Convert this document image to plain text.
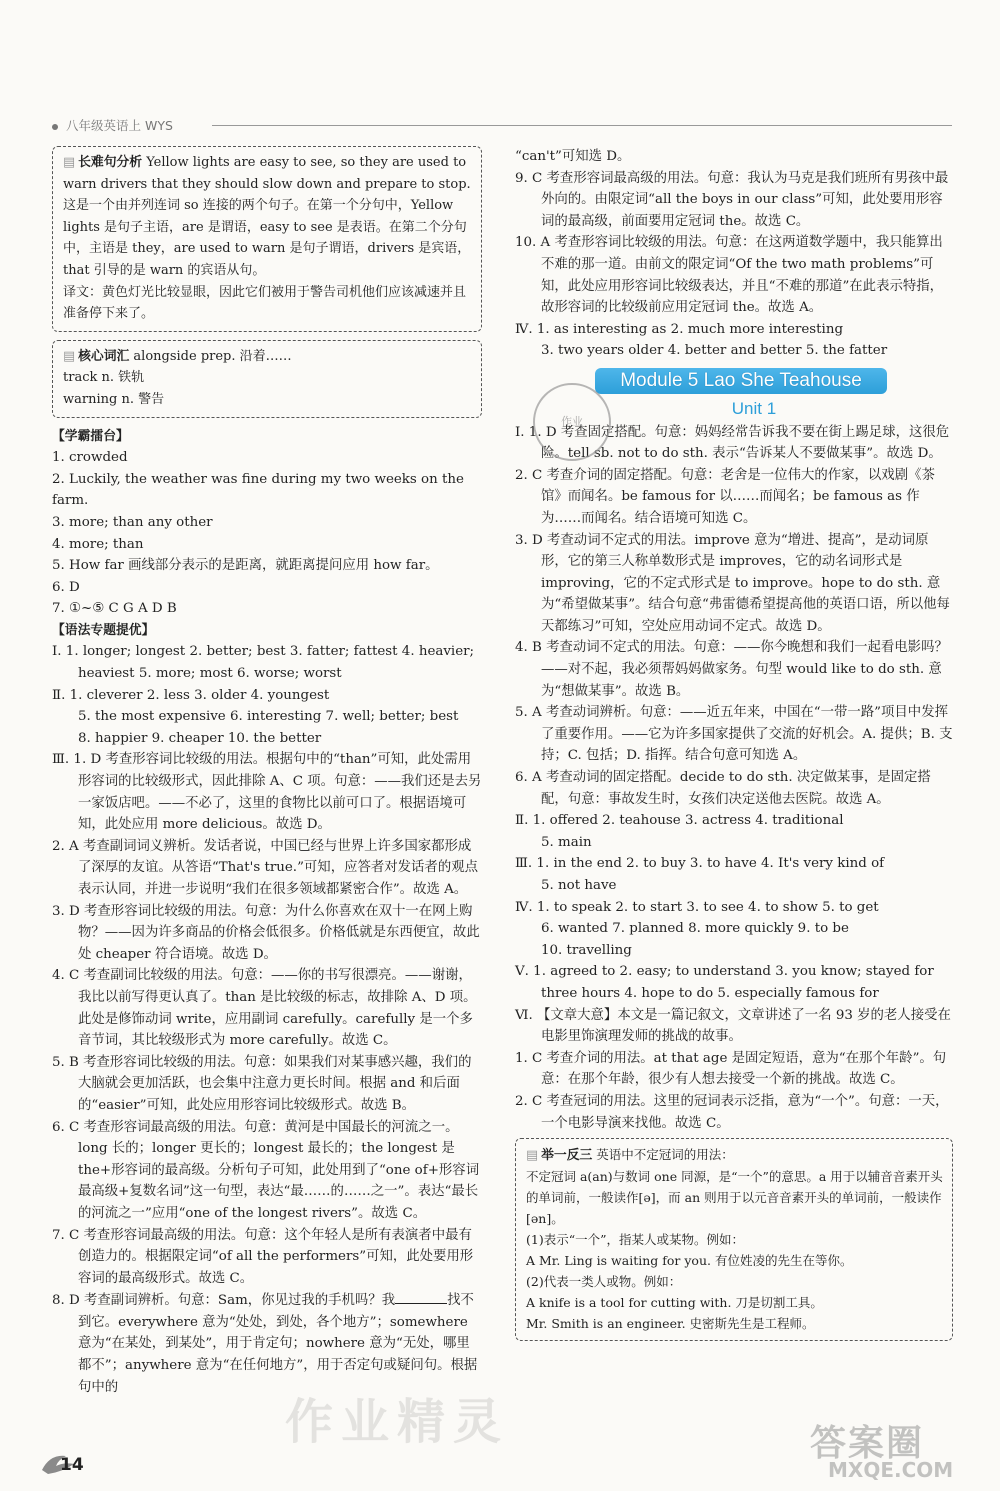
八年级英语上 WYS
▤ 长难句分析 Yellow lights are easy to see, so they are used to warn drivers that they should slow down and prepare to stop.

这是一个由并列连词 so 连接的两个句子。在第一个分句中，Yellow lights 是句子主语，are 是谓语，easy to see 是表语。在第二个分句中，主语是 they，are used to warn 是句子谓语，drivers 是宾语，that 引导的是 warn 的宾语从句。

译文：黄色灯光比较显眼，因此它们被用于警告司机他们应该减速并且准备停下来了。

▤ 核心词汇 alongside prep. 沿着……

track n. 铁轨

warning n. 警告

【学霸擂台】

1. crowded

2. Luckily, the weather was fine during my two weeks on the farm.

3. more; than any other

4. more; than

5. How far 画线部分表示的是距离，就距离提问应用 how far。

6. D

7. ①~⑤ C G A D B

【语法专题提优】

Ⅰ. 1. longer; longest 2. better; best 3. fatter; fattest 4. heavier; heaviest 5. more; most 6. worse; worst

Ⅱ. 1. cleverer 2. less 3. older 4. youngest

5. the most expensive 6. interesting 7. well; better; best

8. happier 9. cheaper 10. the better

Ⅲ. 1. D 考查形容词比较级的用法。根据句中的“than”可知，此处需用形容词的比较级形式，因此排除 A、C 项。句意：——我们还是去另一家饭店吧。——不必了，这里的食物比以前可口了。根据语境可知，此处应用 more delicious。故选 D。

2. A 考查副词词义辨析。发话者说，中国已经与世界上许多国家都形成了深厚的友谊。从答语“That's true.”可知，应答者对发话者的观点表示认同，并进一步说明“我们在很多领域都紧密合作”。故选 A。

3. D 考查形容词比较级的用法。句意：为什么你喜欢在双十一在网上购物？——因为许多商品的价格会低很多。价格低就是东西便宜，故此处 cheaper 符合语境。故选 D。

4. C 考查副词比较级的用法。句意：——你的书写很漂亮。——谢谢，我比以前写得更认真了。than 是比较级的标志，故排除 A、D 项。此处是修饰动词 write，应用副词 carefully。carefully 是一个多音节词，其比较级形式为 more carefully。故选 C。

5. B 考查形容词比较级的用法。句意：如果我们对某事感兴趣，我们的大脑就会更加活跃，也会集中注意力更长时间。根据 and 和后面的“easier”可知，此处应用形容词比较级形式。故选 B。

6. C 考查形容词最高级的用法。句意：黄河是中国最长的河流之一。long 长的；longer 更长的；longest 最长的；the longest 是 the+形容词的最高级。分析句子可知，此处用到了“one of+形容词最高级+复数名词”这一句型，表达“最……的……之一”。表达“最长的河流之一”应用“one of the longest rivers”。故选 C。

7. C 考查形容词最高级的用法。句意：这个年轻人是所有表演者中最有创造力的。根据限定词“of all the performers”可知，此处要用形容词的最高级形式。故选 C。

8. D 考查副词辨析。句意：Sam，你见过我的手机吗？我	找不到它。everywhere 意为“处处，到处，各个地方”；somewhere 意为“在某处，到某处”，用于肯定句；nowhere 意为“无处，哪里都不”；anywhere 意为“在任何地方”，用于否定句或疑问句。根据句中的

“can't”可知选 D。

9. C 考查形容词最高级的用法。句意：我认为马克是我们班所有男孩中最外向的。由限定词“all the boys in our class”可知，此处要用形容词的最高级，前面要用定冠词 the。故选 C。

10. A 考查形容词比较级的用法。句意：在这两道数学题中，我只能算出不难的那一道。由前文的限定词“Of the two math problems”可知，此处应用形容词比较级表达，并且“不难的那道”在此表示特指，故形容词的比较级前应用定冠词 the。故选 A。

Ⅳ. 1. as interesting as 2. much more interesting

3. two years older 4. better and better 5. the fatter

Module 5 Lao She Teahouse
Unit 1

Ⅰ. 1. D 考查固定搭配。句意：妈妈经常告诉我不要在街上踢足球，这很危险。tell sb. not to do sth. 表示“告诉某人不要做某事”。故选 D。

2. C 考查介词的固定搭配。句意：老舍是一位伟大的作家，以戏剧《茶馆》而闻名。be famous for 以……而闻名；be famous as 作为……而闻名。结合语境可知选 C。

3. D 考查动词不定式的用法。improve 意为“增进、提高”，是动词原形，它的第三人称单数形式是 improves，它的动名词形式是 improving，它的不定式形式是 to improve。hope to do sth. 意为“希望做某事”。结合句意“弗雷德希望提高他的英语口语，所以他每天都练习”可知，空处应用动词不定式。故选 D。

4. B 考查动词不定式的用法。句意：——你今晚想和我们一起看电影吗？——对不起，我必须帮妈妈做家务。句型 would like to do sth. 意为“想做某事”。故选 B。

5. A 考查动词辨析。句意：——近五年来，中国在“一带一路”项目中发挥了重要作用。——它为许多国家提供了交流的好机会。A. 提供；B. 支持；C. 包括；D. 指挥。结合句意可知选 A。

6. A 考查动词的固定搭配。decide to do sth. 决定做某事，是固定搭配，句意：事故发生时，女孩们决定送他去医院。故选 A。

Ⅱ. 1. offered 2. teahouse 3. actress 4. traditional

5. main

Ⅲ. 1. in the end 2. to buy 3. to have 4. It's very kind of

5. not have

Ⅳ. 1. to speak 2. to start 3. to see 4. to show 5. to get

6. wanted 7. planned 8. more quickly 9. to be

10. travelling

Ⅴ. 1. agreed to 2. easy; to understand 3. you know; stayed for three hours 4. hope to do 5. especially famous for

Ⅵ. 【文章大意】本文是一篇记叙文，文章讲述了一名 93 岁的老人接受在电影里饰演理发师的挑战的故事。

1. C 考查介词的用法。at that age 是固定短语，意为“在那个年龄”。句意：在那个年龄，很少有人想去接受一个新的挑战。故选 C。

2. C 考查冠词的用法。这里的冠词表示泛指，意为“一个”。句意：一天，一个电影导演来找他。故选 C。

▤ 举一反三 英语中不定冠词的用法：

不定冠词 a(an)与数词 one 同源，是“一个”的意思。a 用于以辅音音素开头的单词前，一般读作[ə]，而 an 则用于以元音音素开头的单词前，一般读作[ən]。

(1)表示“一个”，指某人或某物。例如：

A Mr. Ling is waiting for you. 有位姓凌的先生在等你。

(2)代表一类人或物。例如：

A knife is a tool for cutting with. 刀是切割工具。

Mr. Smith is an engineer. 史密斯先生是工程师。

作业
14
作业精灵	答案圈
MXQE.COM
